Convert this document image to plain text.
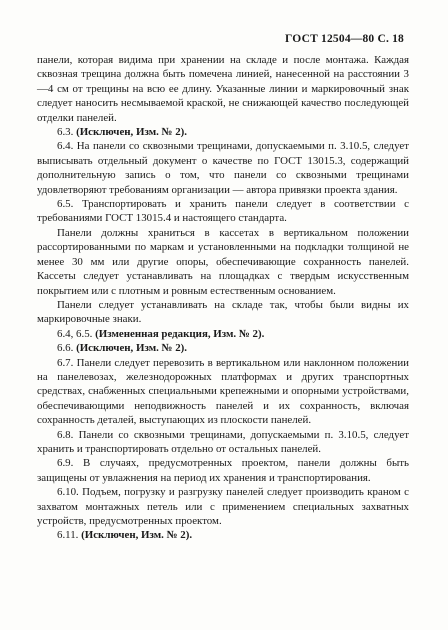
ГОСТ 12504—80 С. 18

панели, которая видима при хранении на складе и после монтажа. Каждая сквозная трещина должна быть помечена линией, нанесенной на расстоянии 3—4 см от трещины на всю ее длину. Указанные линии и маркировочный знак следует наносить несмываемой краской, не снижающей качество последующей отделки панелей.

6.3. (Исключен, Изм. № 2).

6.4. На панели со сквозными трещинами, допускаемыми п. 3.10.5, следует выписывать отдельный документ о качестве по ГОСТ 13015.3, содержащий дополнительную запись о том, что панели со сквозными трещинами удовлетворяют требованиям организации — автора привязки проекта здания.

6.5. Транспортировать и хранить панели следует в соответствии с требованиями ГОСТ 13015.4 и настоящего стандарта.

Панели должны храниться в кассетах в вертикальном положении рассортированными по маркам и установленными на подкладки толщиной не менее 30 мм или другие опоры, обеспечивающие сохранность панелей. Кассеты следует устанавливать на площадках с твердым искусственным покрытием или с плотным и ровным естественным основанием.

Панели следует устанавливать на складе так, чтобы были видны их маркировочные знаки.

6.4, 6.5. (Измененная редакция, Изм. № 2).

6.6. (Исключен, Изм. № 2).

6.7. Панели следует перевозить в вертикальном или наклонном положении на панелевозах, железнодорожных платформах и других транспортных средствах, снабженных специальными крепежными и опорными устройствами, обеспечивающими неподвижность панелей и их сохранность, включая сохранность деталей, выступающих из плоскости панелей.

6.8. Панели со сквозными трещинами, допускаемыми п. 3.10.5, следует хранить и транспортировать отдельно от остальных панелей.

6.9. В случаях, предусмотренных проектом, панели должны быть защищены от увлажнения на период их хранения и транспортирования.

6.10. Подъем, погрузку и разгрузку панелей следует производить краном с захватом монтажных петель или с применением специальных захватных устройств, предусмотренных проектом.

6.11. (Исключен, Изм. № 2).
